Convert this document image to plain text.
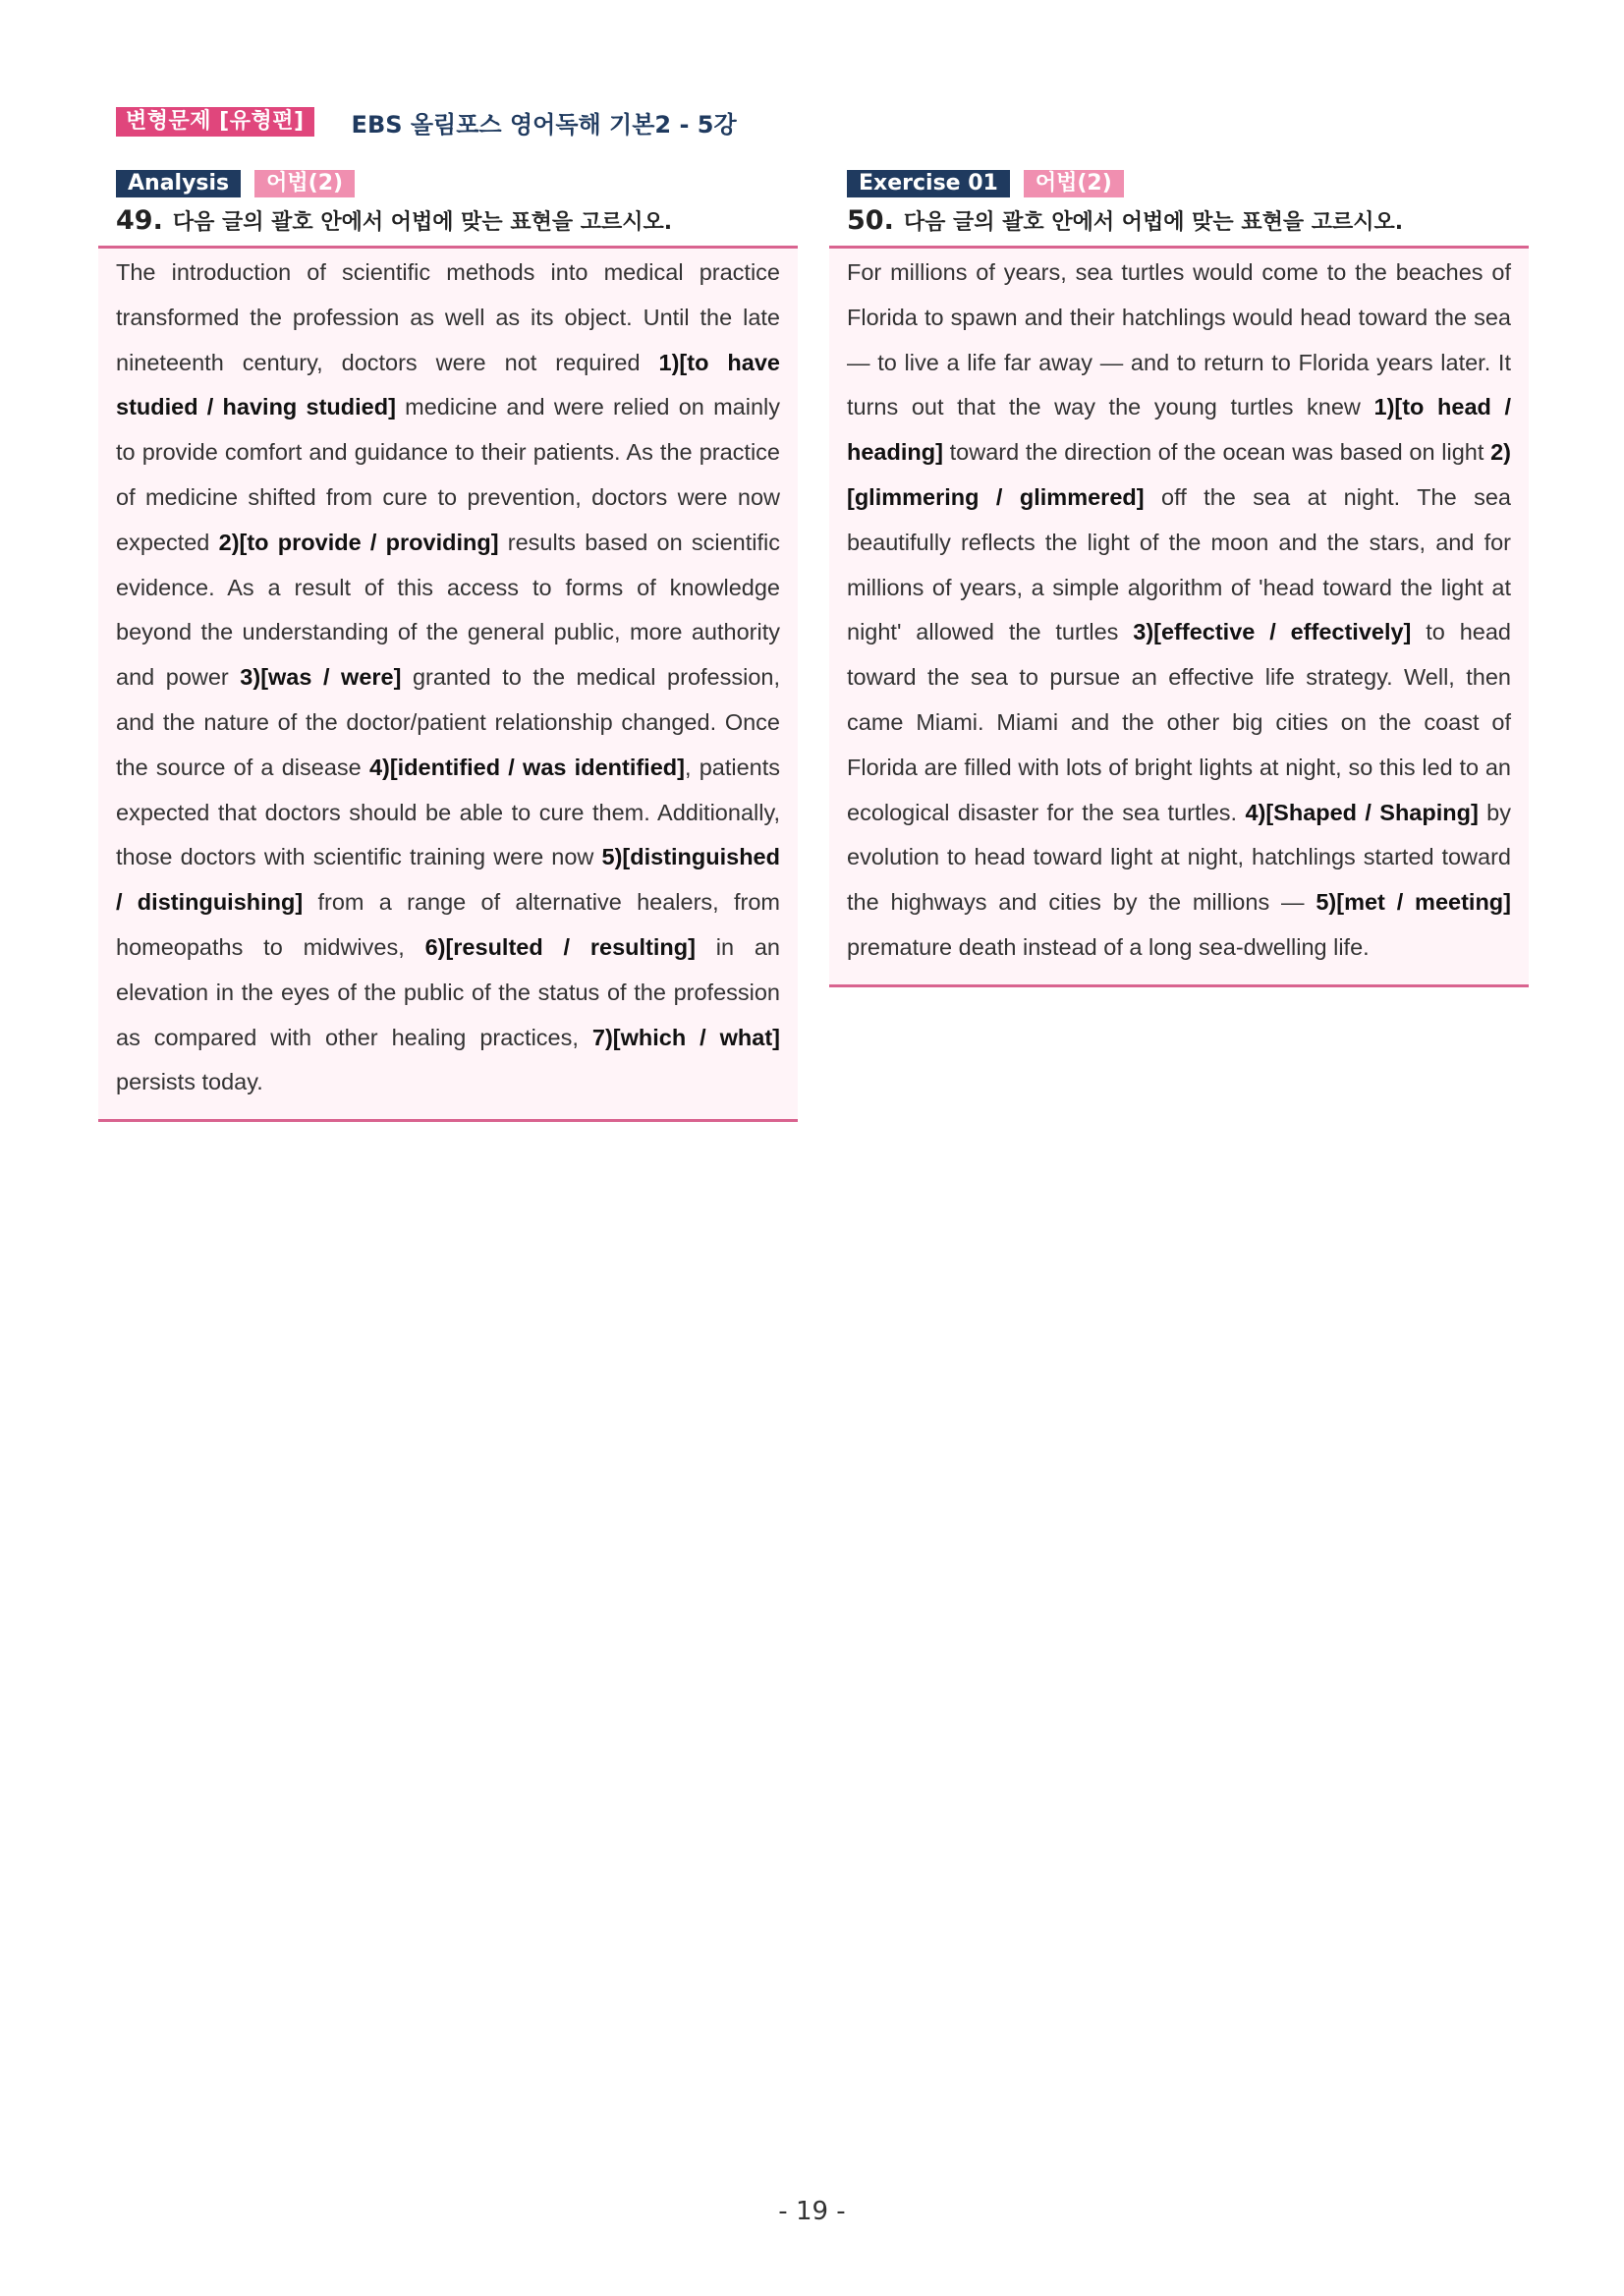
변형문제 [유형편]	EBS 올림포스 영어독해 기본2 - 5강
Analysis	어법(2)
49. 다음 글의 괄호 안에서 어법에 맞는 표현을 고르시오.
The introduction of scientific methods into medical practice transformed the profession as well as its object. Until the late nineteenth century, doctors were not required 1)[to have studied / having studied] medicine and were relied on mainly to provide comfort and guidance to their patients. As the practice of medicine shifted from cure to prevention, doctors were now expected 2)[to provide / providing] results based on scientific evidence. As a result of this access to forms of knowledge beyond the understanding of the general public, more authority and power 3)[was / were] granted to the medical profession, and the nature of the doctor/patient relationship changed. Once the source of a disease 4)[identified / was identified], patients expected that doctors should be able to cure them. Additionally, those doctors with scientific training were now 5)[distinguished / distinguishing] from a range of alternative healers, from homeopaths to midwives, 6)[resulted / resulting] in an elevation in the eyes of the public of the status of the profession as compared with other healing practices, 7)[which / what] persists today.
Exercise 01	어법(2)
50. 다음 글의 괄호 안에서 어법에 맞는 표현을 고르시오.
For millions of years, sea turtles would come to the beaches of Florida to spawn and their hatchlings would head toward the sea — to live a life far away — and to return to Florida years later. It turns out that the way the young turtles knew 1)[to head / heading] toward the direction of the ocean was based on light 2)[glimmering / glimmered] off the sea at night. The sea beautifully reflects the light of the moon and the stars, and for millions of years, a simple algorithm of 'head toward the light at night' allowed the turtles 3)[effective / effectively] to head toward the sea to pursue an effective life strategy. Well, then came Miami. Miami and the other big cities on the coast of Florida are filled with lots of bright lights at night, so this led to an ecological disaster for the sea turtles. 4)[Shaped / Shaping] by evolution to head toward light at night, hatchlings started toward the highways and cities by the millions — 5)[met / meeting] premature death instead of a long sea-dwelling life.
- 19 -
